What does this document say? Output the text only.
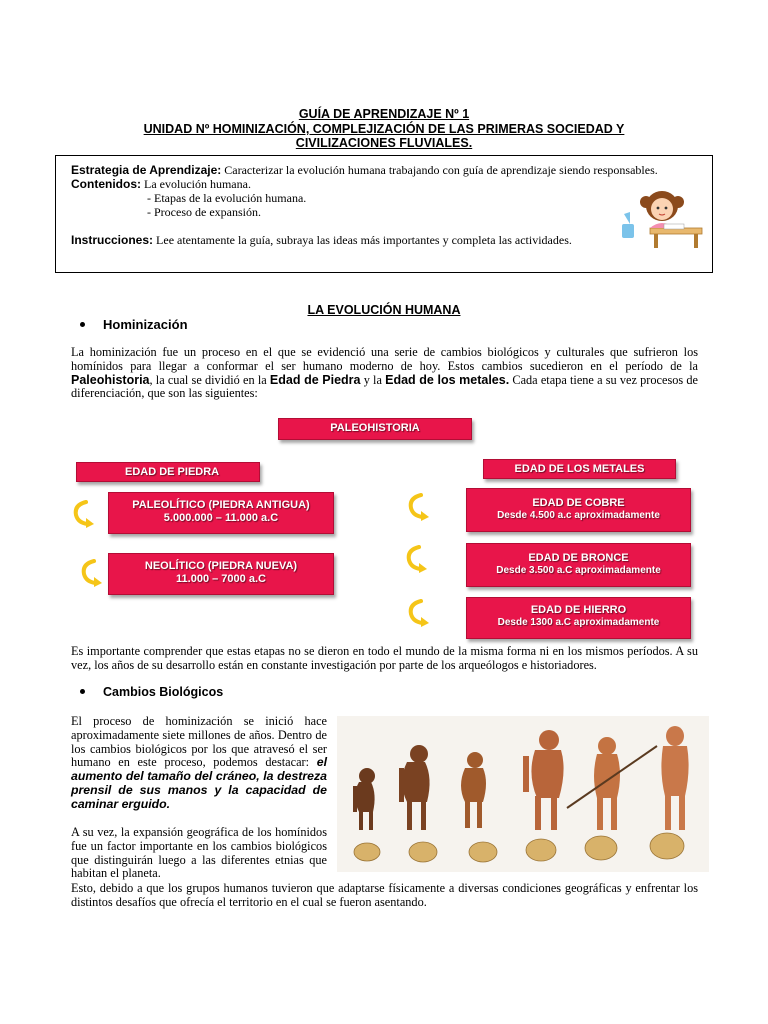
GUÍA DE APRENDIZAJE Nº 1
UNIDAD Nº HOMINIZACIÓN, COMPLEJIZACIÓN DE LAS PRIMERAS SOCIEDAD Y
CIVILIZACIONES FLUVIALES.
Estrategia de Aprendizaje: Caracterizar la evolución humana trabajando con guía de aprendizaje siendo responsables.
Contenidos: La evolución humana.
- Etapas de la evolución humana.
- Proceso de expansión.
Instrucciones: Lee atentamente la guía, subraya las ideas más importantes y completa las actividades.
LA EVOLUCIÓN HUMANA
Hominización
La hominización fue un proceso en el que se evidenció una serie de cambios biológicos y culturales que sufrieron los homínidos para llegar a conformar el ser humano moderno de hoy. Estos cambios sucedieron en el período de la Paleohistoria, la cual se dividió en la Edad de Piedra y la Edad de los metales. Cada etapa tiene a su vez procesos de diferenciación, que son las siguientes:
PALEOHISTORIA
EDAD DE PIEDRA	EDAD DE LOS METALES
PALEOLÍTICO (PIEDRA ANTIGUA)
5.000.000 – 11.000 a.C
NEOLÍTICO (PIEDRA NUEVA)
11.000 – 7000 a.C
EDAD DE COBRE
Desde 4.500 a.c aproximadamente
EDAD DE BRONCE
Desde 3.500 a.C aproximadamente
EDAD DE HIERRO
Desde 1300 a.C aproximadamente
Es importante comprender que estas etapas no se dieron en todo el mundo de la misma forma ni en los mismos períodos. A su vez, los años de su desarrollo están en constante investigación por parte de los arqueólogos e historiadores.
Cambios Biológicos
El proceso de hominización se inició hace aproximadamente siete millones de años. Dentro de los cambios biológicos por los que atravesó el ser humano en este proceso, podemos destacar: el aumento del tamaño del cráneo, la destreza prensil de sus manos y la capacidad de caminar erguido.
A su vez, la expansión geográfica de los homínidos fue un factor importante en los cambios biológicos que distinguirán luego a las diferentes etnias que habitan el planeta.
Esto, debido a que los grupos humanos tuvieron que adaptarse físicamente a diversas condiciones geográficas y enfrentar los distintos desafíos que ofrecía el territorio en el cual se fueron asentando.
